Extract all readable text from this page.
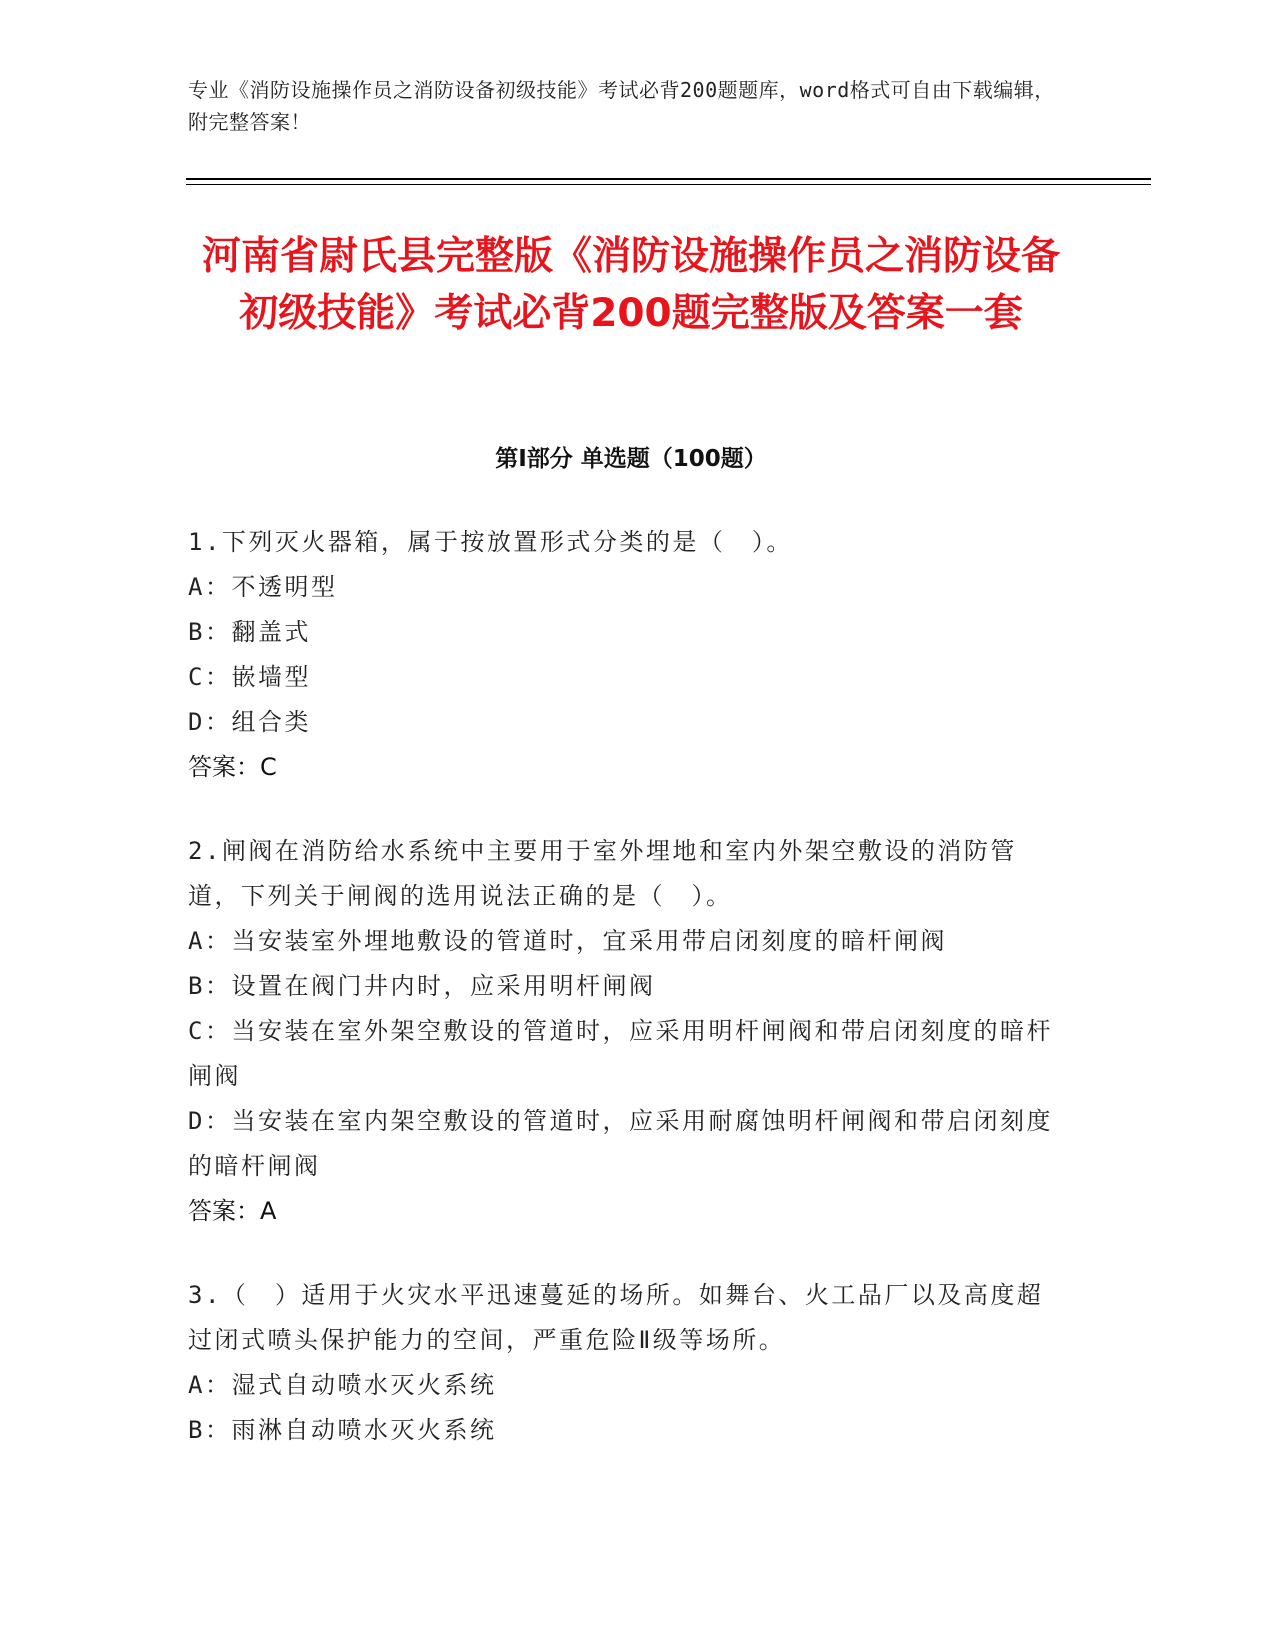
专业《消防设施操作员之消防设备初级技能》考试必背200题题库，word格式可自由下载编辑，附完整答案！
河南省尉氏县完整版《消防设施操作员之消防设备初级技能》考试必背200题完整版及答案一套
第Ⅰ部分 单选题（100题）
1.下列灭火器箱，属于按放置形式分类的是（　）。
A：不透明型
B：翻盖式
C：嵌墙型
D：组合类
答案：C
2.闸阀在消防给水系统中主要用于室外埋地和室内外架空敷设的消防管道，下列关于闸阀的选用说法正确的是（　）。
A：当安装室外埋地敷设的管道时，宜采用带启闭刻度的暗杆闸阀
B：设置在阀门井内时，应采用明杆闸阀
C：当安装在室外架空敷设的管道时，应采用明杆闸阀和带启闭刻度的暗杆闸阀
D：当安装在室内架空敷设的管道时，应采用耐腐蚀明杆闸阀和带启闭刻度的暗杆闸阀
答案：A
3.（　）适用于火灾水平迅速蔓延的场所。如舞台、火工品厂以及高度超过闭式喷头保护能力的空间，严重危险Ⅱ级等场所。
A：湿式自动喷水灭火系统
B：雨淋自动喷水灭火系统
